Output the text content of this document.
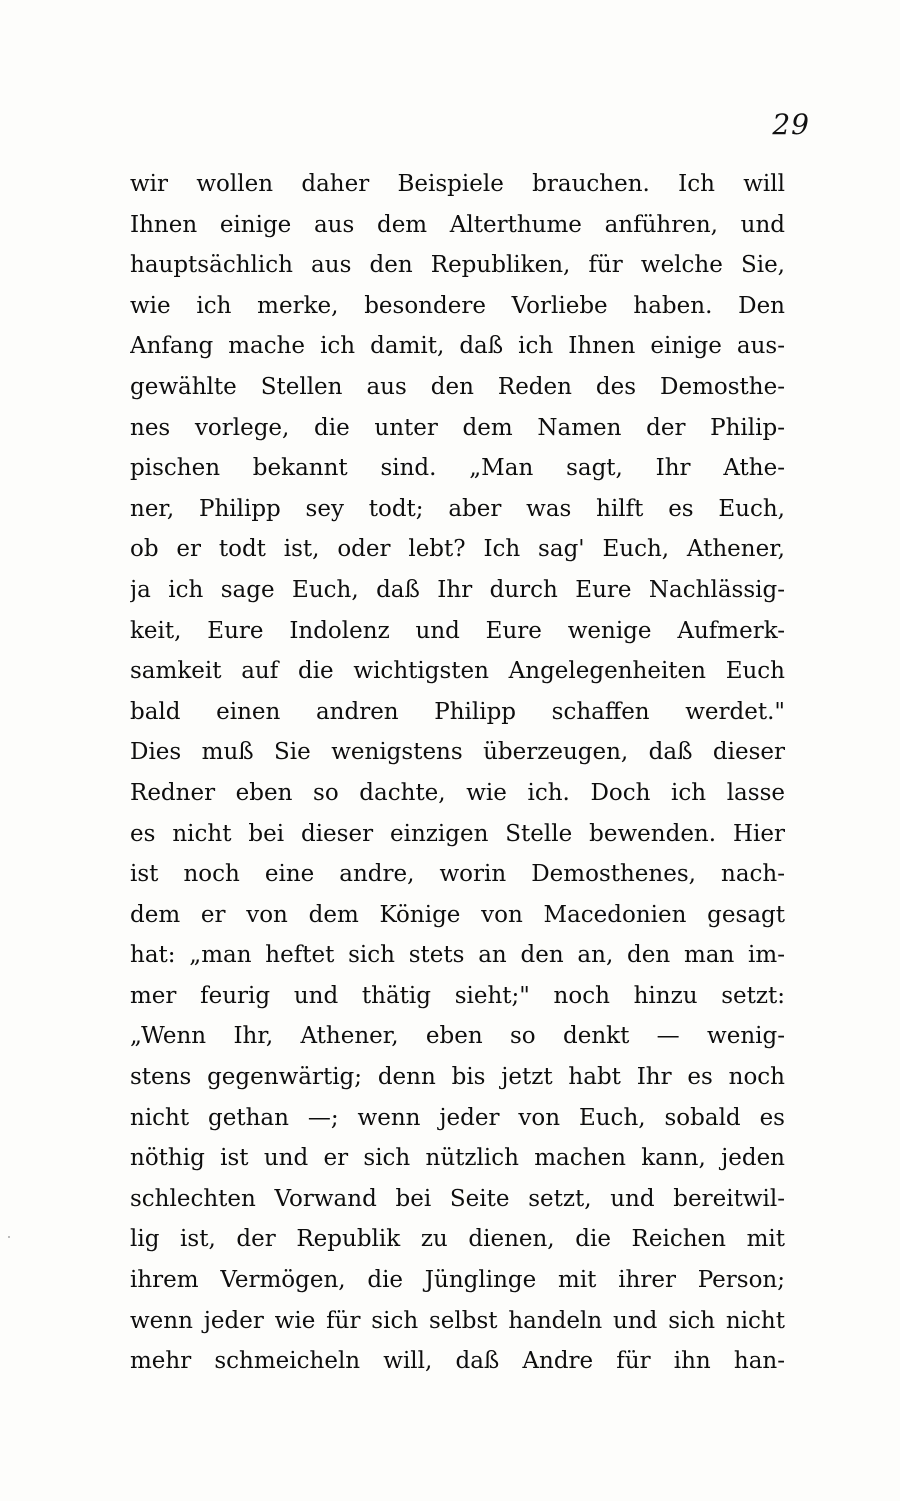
29
wir wollen daher Beispiele brauchen. Ich will
Ihnen einige aus dem Alterthume anführen, und
hauptsächlich aus den Republiken, für welche Sie,
wie ich merke, besondere Vorliebe haben. Den
Anfang mache ich damit, daß ich Ihnen einige aus-
gewählte Stellen aus den Reden des Demosthe-
nes vorlege, die unter dem Namen der Philip-
pischen bekannt sind. „Man sagt, Ihr Athe-
ner, Philipp sey todt; aber was hilft es Euch,
ob er todt ist, oder lebt? Ich sag' Euch, Athener,
ja ich sage Euch, daß Ihr durch Eure Nachlässig-
keit, Eure Indolenz und Eure wenige Aufmerk-
samkeit auf die wichtigsten Angelegenheiten Euch
bald einen andren Philipp schaffen werdet."
Dies muß Sie wenigstens überzeugen, daß dieser
Redner eben so dachte, wie ich. Doch ich lasse
es nicht bei dieser einzigen Stelle bewenden. Hier
ist noch eine andre, worin Demosthenes, nach-
dem er von dem Könige von Macedonien gesagt
hat: „man heftet sich stets an den an, den man im-
mer feurig und thätig sieht;" noch hinzu setzt:
„Wenn Ihr, Athener, eben so denkt — wenig-
stens gegenwärtig; denn bis jetzt habt Ihr es noch
nicht gethan —; wenn jeder von Euch, sobald es
nöthig ist und er sich nützlich machen kann, jeden
schlechten Vorwand bei Seite setzt, und bereitwil-
lig ist, der Republik zu dienen, die Reichen mit
ihrem Vermögen, die Jünglinge mit ihrer Person;
wenn jeder wie für sich selbst handeln und sich nicht
mehr schmeicheln will, daß Andre für ihn han-
